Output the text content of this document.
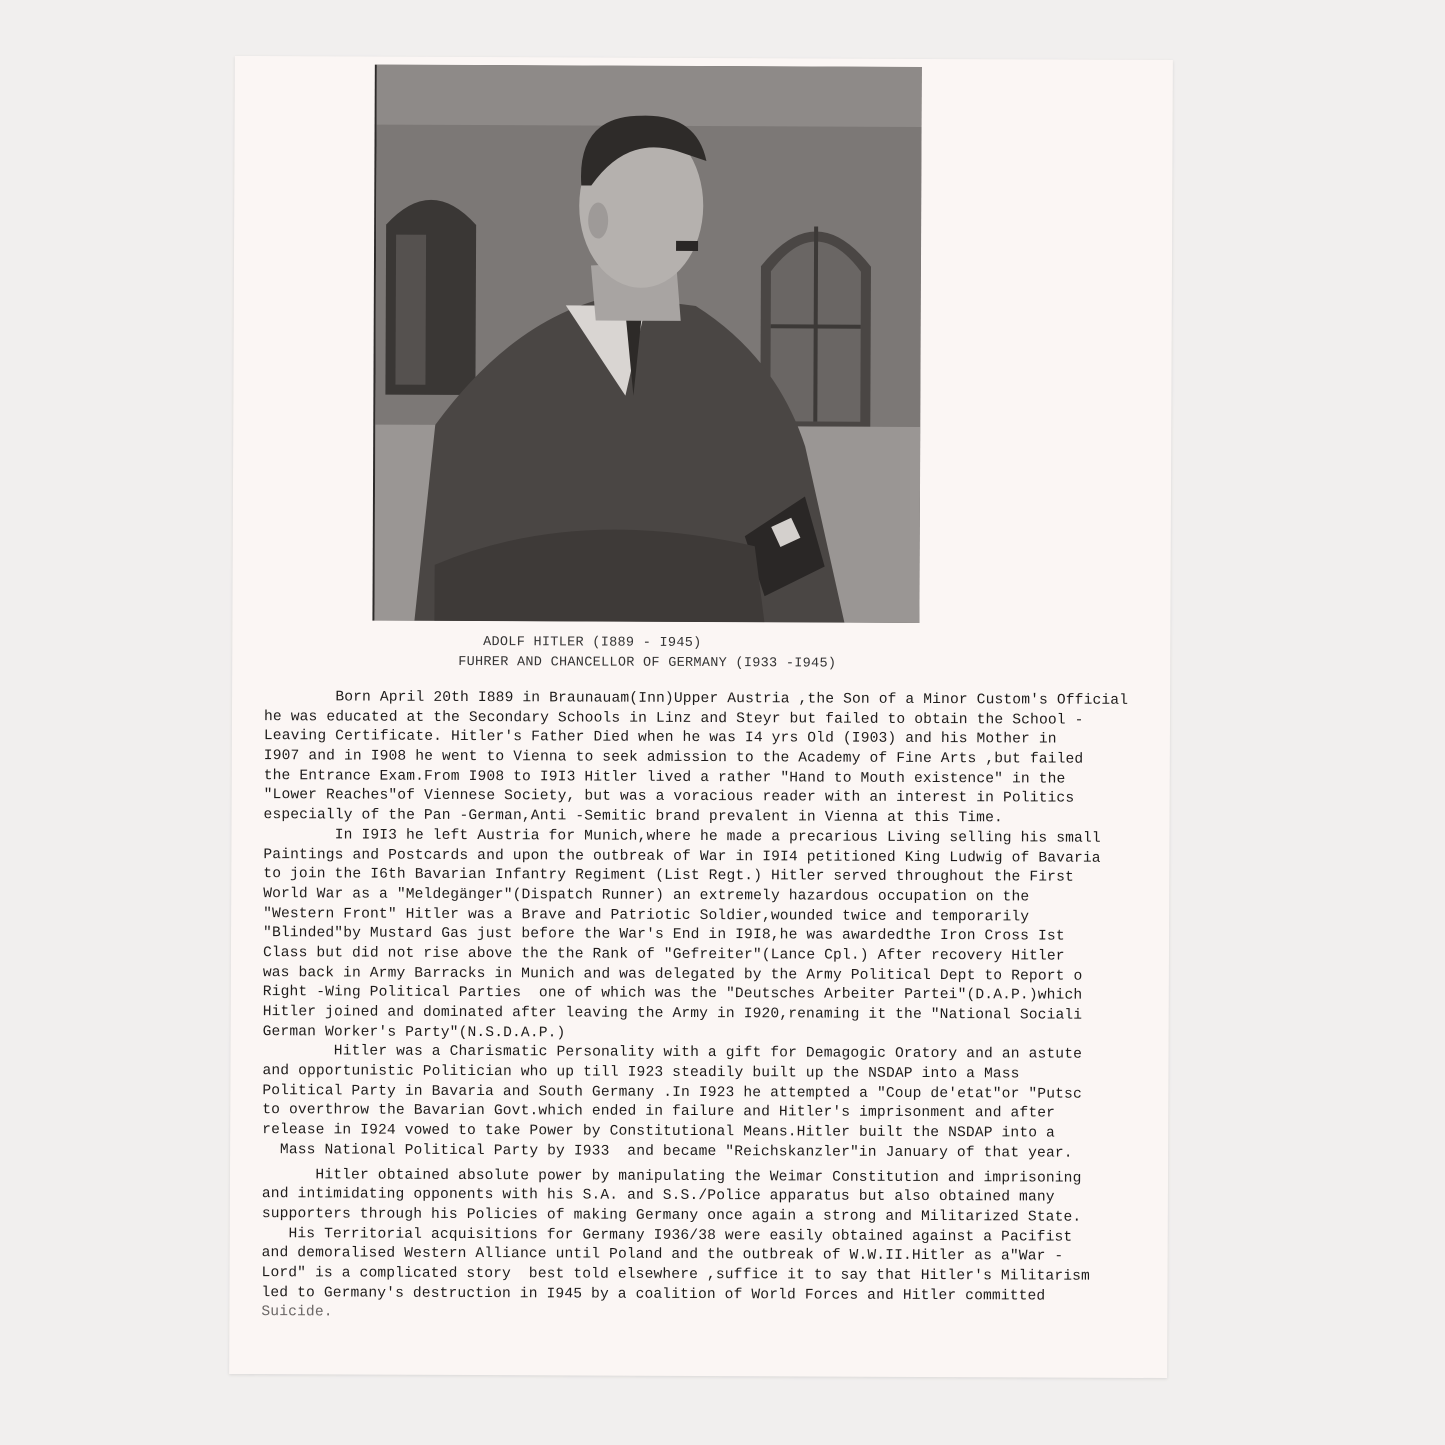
ADOLF HITLER (I889 - I945)
FUHRER AND CHANCELLOR OF GERMANY (I933 -I945)
Born April 20th I889 in Braunauam(Inn)Upper Austria ,the Son of a Minor Custom's Official
he was educated at the Secondary Schools in Linz and Steyr but failed to obtain the School -
Leaving Certificate. Hitler's Father Died when he was I4 yrs Old (I903) and his Mother in
I907 and in I908 he went to Vienna to seek admission to the Academy of Fine Arts ,but failed
the Entrance Exam.From I908 to I9I3 Hitler lived a rather "Hand to Mouth existence" in the
"Lower Reaches"of Viennese Society, but was a voracious reader with an interest in Politics
especially of the Pan -German,Anti -Semitic brand prevalent in Vienna at this Time.
In I9I3 he left Austria for Munich,where he made a precarious Living selling his small
Paintings and Postcards and upon the outbreak of War in I9I4 petitioned King Ludwig of Bavaria
to join the I6th Bavarian Infantry Regiment (List Regt.) Hitler served throughout the First
World War as a "Meldegänger"(Dispatch Runner) an extremely hazardous occupation on the
"Western Front" Hitler was a Brave and Patriotic Soldier,wounded twice and temporarily
"Blinded"by Mustard Gas just before the War's End in I9I8,he was awardedthe Iron Cross Ist
Class but did not rise above the the Rank of "Gefreiter"(Lance Cpl.) After recovery Hitler
was back in Army Barracks in Munich and was delegated by the Army Political Dept to Report o
Right -Wing Political Parties  one of which was the "Deutsches Arbeiter Partei"(D.A.P.)which
Hitler joined and dominated after leaving the Army in I920,renaming it the "National Sociali
German Worker's Party"(N.S.D.A.P.)
Hitler was a Charismatic Personality with a gift for Demagogic Oratory and an astute
and opportunistic Politician who up till I923 steadily built up the NSDAP into a Mass
Political Party in Bavaria and South Germany .In I923 he attempted a "Coup de'etat"or "Putsc
to overthrow the Bavarian Govt.which ended in failure and Hitler's imprisonment and after
release in I924 vowed to take Power by Constitutional Means.Hitler built the NSDAP into a
Mass National Political Party by I933  and became "Reichskanzler"in January of that year.
Hitler obtained absolute power by manipulating the Weimar Constitution and imprisoning
and intimidating opponents with his S.A. and S.S./Police apparatus but also obtained many
supporters through his Policies of making Germany once again a strong and Militarized State.
His Territorial acquisitions for Germany I936/38 were easily obtained against a Pacifist
and demoralised Western Alliance until Poland and the outbreak of W.W.II.Hitler as a"War -
Lord" is a complicated story  best told elsewhere ,suffice it to say that Hitler's Militarism
led to Germany's destruction in I945 by a coalition of World Forces and Hitler committed
Suicide.
